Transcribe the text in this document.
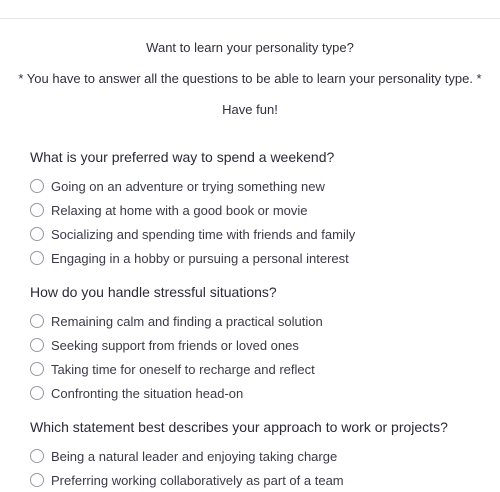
Want to learn your personality type?

* You have to answer all the questions to be able to learn your personality type. *

Have fun!

What is your preferred way to spend a weekend?
Going on an adventure or trying something new
Relaxing at home with a good book or movie
Socializing and spending time with friends and family
Engaging in a hobby or pursuing a personal interest
How do you handle stressful situations?
Remaining calm and finding a practical solution
Seeking support from friends or loved ones
Taking time for oneself to recharge and reflect
Confronting the situation head-on
Which statement best describes your approach to work or projects?
Being a natural leader and enjoying taking charge
Preferring working collaboratively as part of a team
